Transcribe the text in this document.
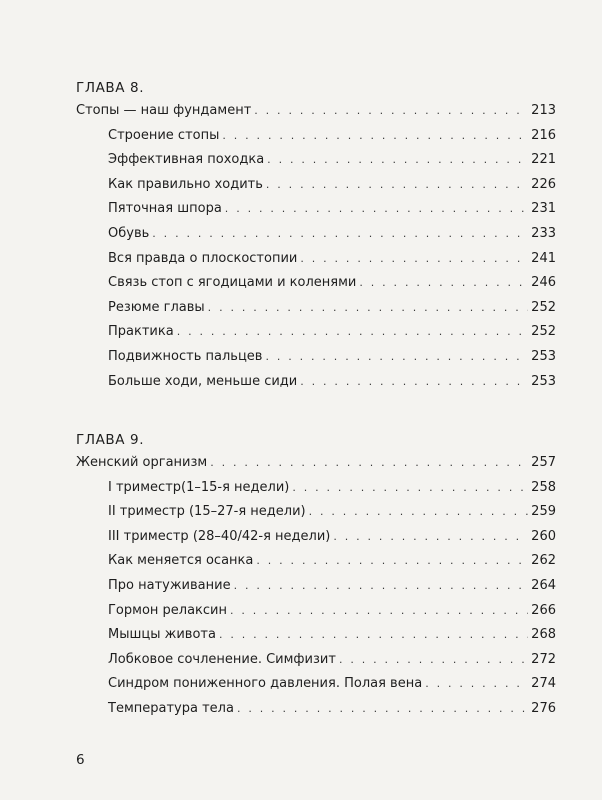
ГЛАВА 8.
Стопы — наш фундамент . . .	213
Строение стопы . . .	216
Эффективная походка . . .	221
Как правильно ходить . . .	226
Пяточная шпора . . .	231
Обувь . . .	233
Вся правда о плоскостопии . . .	241
Связь стоп с ягодицами и коленями . . .	246
Резюме главы . . .	252
Практика . . .	252
Подвижность пальцев . . .	253
Больше ходи, меньше сиди . . .	253
ГЛАВА 9.
Женский организм . . .	257
I триместр(1–15-я недели) . . .	258
II триместр (15–27-я недели) . . .	259
III триместр (28–40/42-я недели) . . .	260
Как меняется осанка . . .	262
Про натуживание . . .	264
Гормон релаксин . . .	266
Мышцы живота . . .	268
Лобковое сочленение. Симфизит . . .	272
Синдром пониженного давления. Полая вена . . .	274
Температура тела . . .	276
6
